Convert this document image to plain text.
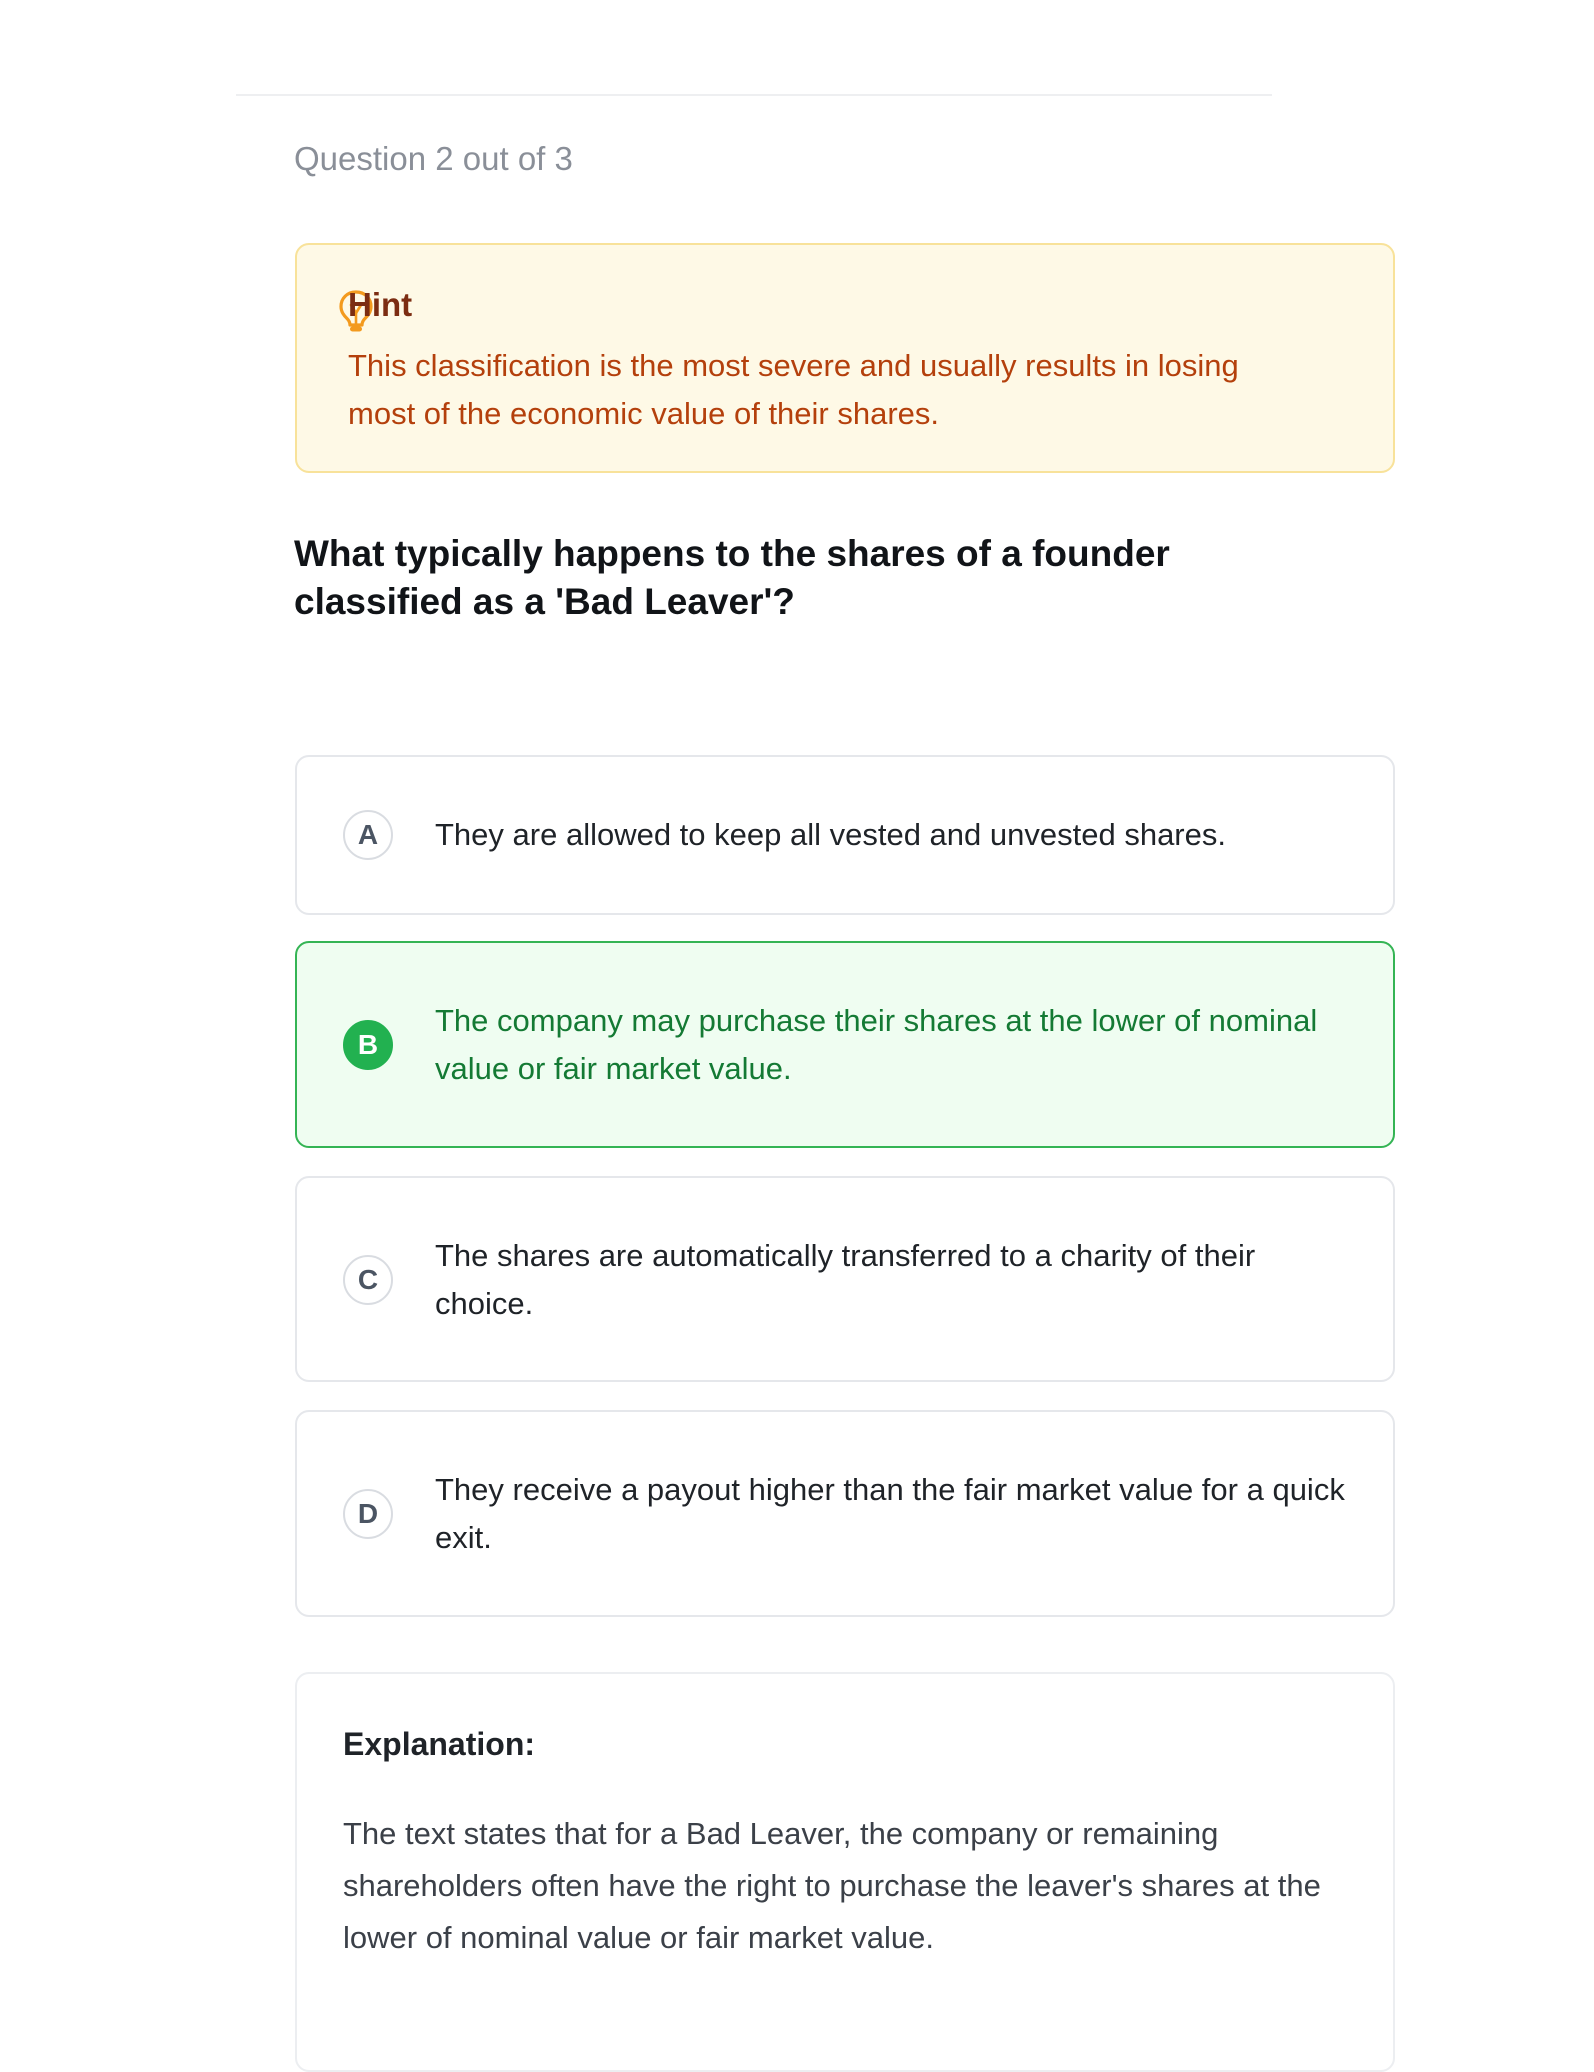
Question 2 out of 3
What typically happens to the shares of a founder classified as a 'Bad Leaver'?
A	They are allowed to keep all vested and unvested shares.
B
The company may purchase their shares at the lower of nominal value or fair market value.
C
The shares are automatically transferred to a charity of their choice.
D
They receive a payout higher than the fair market value for a quick exit.
Explanation:
The text states that for a Bad Leaver, the company or remaining shareholders often have the right to purchase the leaver's shares at the lower of nominal value or fair market value.
Hint
This classification is the most severe and usually results in losing most of the economic value of their shares.
